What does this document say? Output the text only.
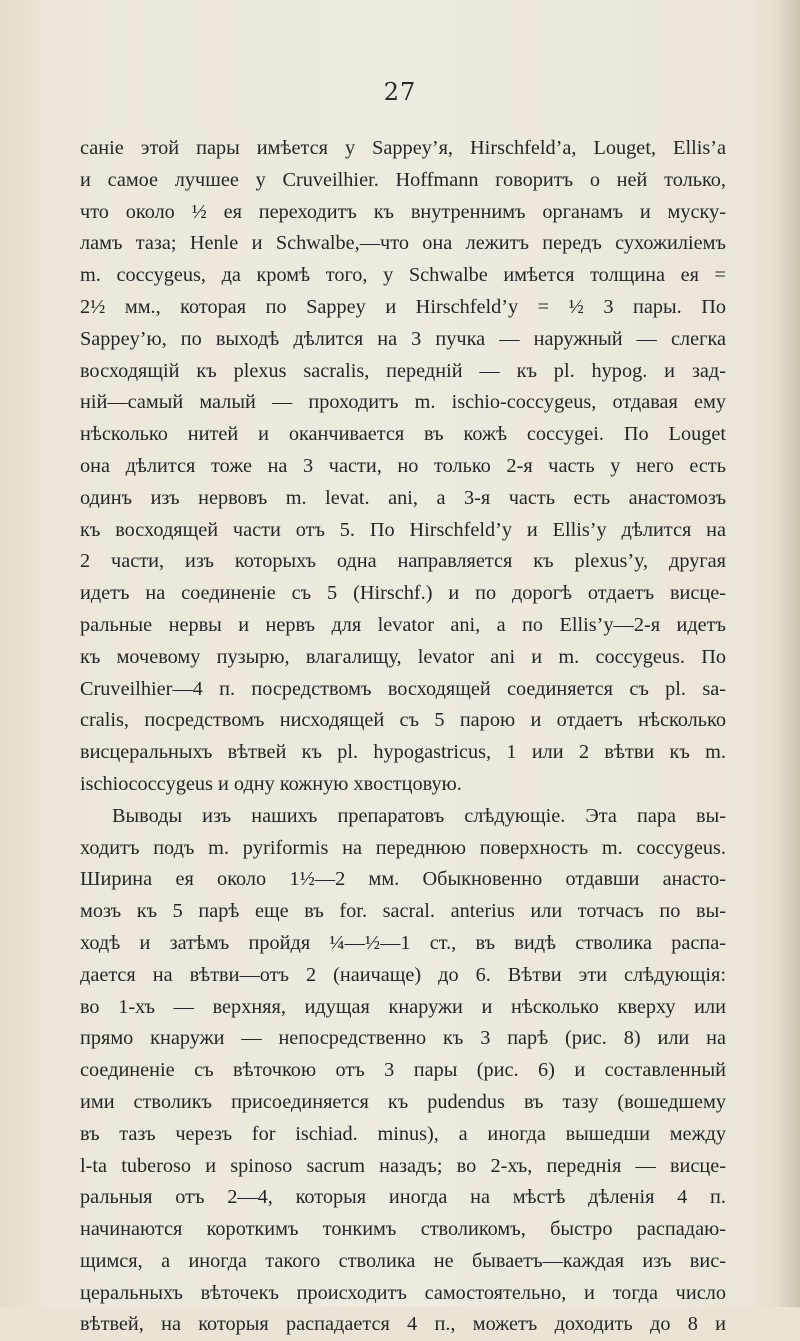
27
саніе этой пары имѣется у Sappey’я, Hirschfeld’a, Louget, Ellis’a
и самое лучшее у Cruveilhier. Hoffmann говоритъ о ней только,
что около ½ ея переходитъ къ внутреннимъ органамъ и муску-
ламъ таза; Henle и Schwalbe,—что она лежитъ передъ сухожиліемъ
m. coccygeus, да кромѣ того, у Schwalbe имѣется толщина ея =
2½ мм., которая по Sappey и Hirschfeld’y = ½ 3 пары. По
Sappey’ю, по выходѣ дѣлится на 3 пучка — наружный — слегка
восходящій къ plexus sacralis, передній — къ pl. hypog. и зад-
ній—самый малый — проходитъ m. ischio-coccygeus, отдавая ему
нѣсколько нитей и оканчивается въ кожѣ coccygei. По Louget
она дѣлится тоже на 3 части, но только 2-я часть у него есть
одинъ изъ нервовъ m. levat. ani, а 3-я часть есть анастомозъ
къ восходящей части отъ 5. По Hirschfeld’y и Ellis’y дѣлится на
2 части, изъ которыхъ одна направляется къ plexus’y, другая
идетъ на соединеніе съ 5 (Hirschf.) и по дорогѣ отдаетъ висце-
ральные нервы и нервъ для levator ani, а по Ellis’y—2-я идетъ
къ мочевому пузырю, влагалищу, levator ani и m. coccygeus. По
Cruveilhier—4 п. посредствомъ восходящей соединяется съ pl. sa-
cralis, посредствомъ нисходящей съ 5 парою и отдаетъ нѣсколько
висцеральныхъ вѣтвей къ pl. hypogastricus, 1 или 2 вѣтви къ m.
ischiococcygeus и одну кожную хвостцовую.
Выводы изъ нашихъ препаратовъ слѣдующіе. Эта пара вы-
ходитъ подъ m. pyriformis на переднюю поверхность m. coccygeus.
Ширина ея около 1½—2 мм. Обыкновенно отдавши анасто-
мозъ къ 5 парѣ еще въ for. sacral. anterius или тотчасъ по вы-
ходѣ и затѣмъ пройдя ¼—½—1 ст., въ видѣ стволика распа-
дается на вѣтви—отъ 2 (наичаще) до 6. Вѣтви эти слѣдующія:
во 1-хъ — верхняя, идущая кнаружи и нѣсколько кверху или
прямо кнаружи — непосредственно къ 3 парѣ (рис. 8) или на
соединеніе съ вѣточкою отъ 3 пары (рис. 6) и составленный
ими стволикъ присоединяется къ pudendus въ тазу (вошедшему
въ тазъ черезъ for ischiad. minus), а иногда вышедши между
l-ta tuberoso и spinoso sacrum назадъ; во 2-хъ, переднія — висце-
ральныя отъ 2—4, которыя иногда на мѣстѣ дѣленія 4 п.
начинаются короткимъ тонкимъ стволикомъ, быстро распадаю-
щимся, а иногда такого стволика не бываетъ—каждая изъ вис-
церальныхъ вѣточекъ происходитъ самостоятельно, и тогда число
вѣтвей, на которыя распадается 4 п., можетъ доходить до 8 и
